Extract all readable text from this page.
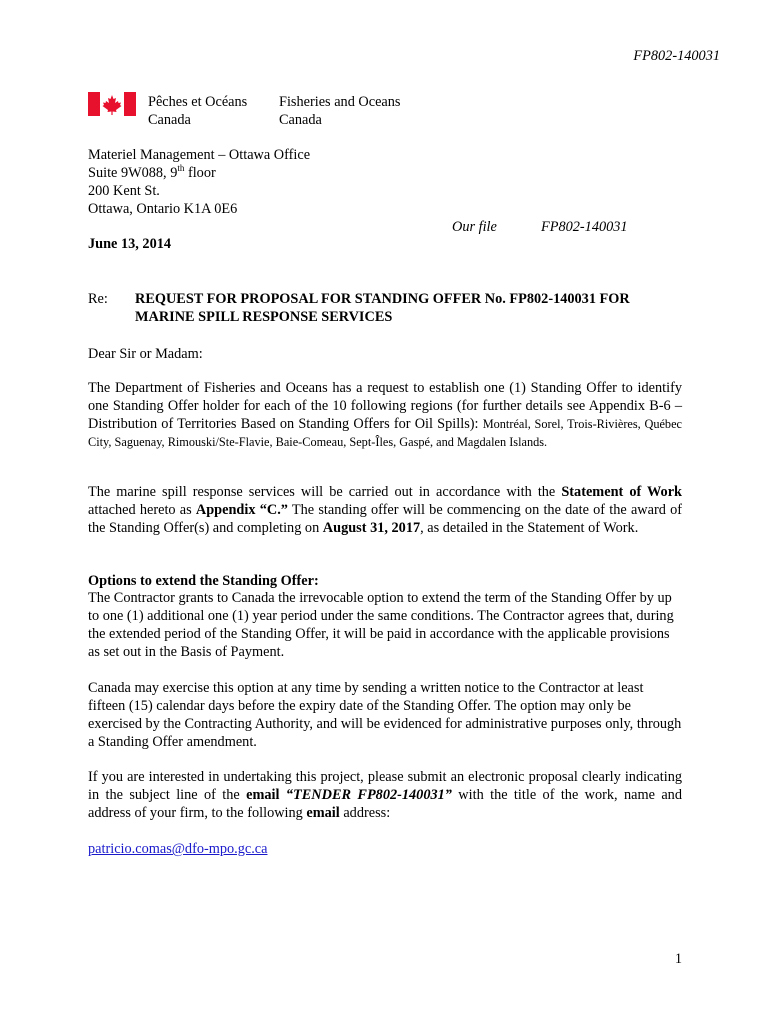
FP802-140031
Pêches et Océans
Canada
Fisheries and Oceans
Canada
Materiel Management – Ottawa Office
Suite 9W088, 9th floor
200 Kent St.
Ottawa, Ontario K1A 0E6
Our file	FP802-140031
June 13, 2014
Re: REQUEST FOR PROPOSAL FOR STANDING OFFER No. FP802-140031 FOR
MARINE SPILL RESPONSE SERVICES
Dear Sir or Madam:

The Department of Fisheries and Oceans has a request to establish one (1) Standing Offer to identify one Standing Offer holder for each of the 10 following regions (for further details see Appendix B-6 – Distribution of Territories Based on Standing Offers for Oil Spills): Montréal, Sorel, Trois-Rivières, Québec City, Saguenay, Rimouski/Ste-Flavie, Baie-Comeau, Sept-Îles, Gaspé, and Magdalen Islands.

The marine spill response services will be carried out in accordance with the Statement of Work attached hereto as Appendix “C.” The standing offer will be commencing on the date of the award of the Standing Offer(s) and completing on August 31, 2017, as detailed in the Statement of Work.

Options to extend the Standing Offer:

The Contractor grants to Canada the irrevocable option to extend the term of the Standing Offer by up to one (1) additional one (1) year period under the same conditions. The Contractor agrees that, during the extended period of the Standing Offer, it will be paid in accordance with the applicable provisions as set out in the Basis of Payment.

Canada may exercise this option at any time by sending a written notice to the Contractor at least fifteen (15) calendar days before the expiry date of the Standing Offer. The option may only be exercised by the Contracting Authority, and will be evidenced for administrative purposes only, through a Standing Offer amendment.

If you are interested in undertaking this project, please submit an electronic proposal clearly indicating in the subject line of the email “TENDER FP802-140031” with the title of the work, name and address of your firm, to the following email address:

patricio.comas@dfo-mpo.gc.ca
1
